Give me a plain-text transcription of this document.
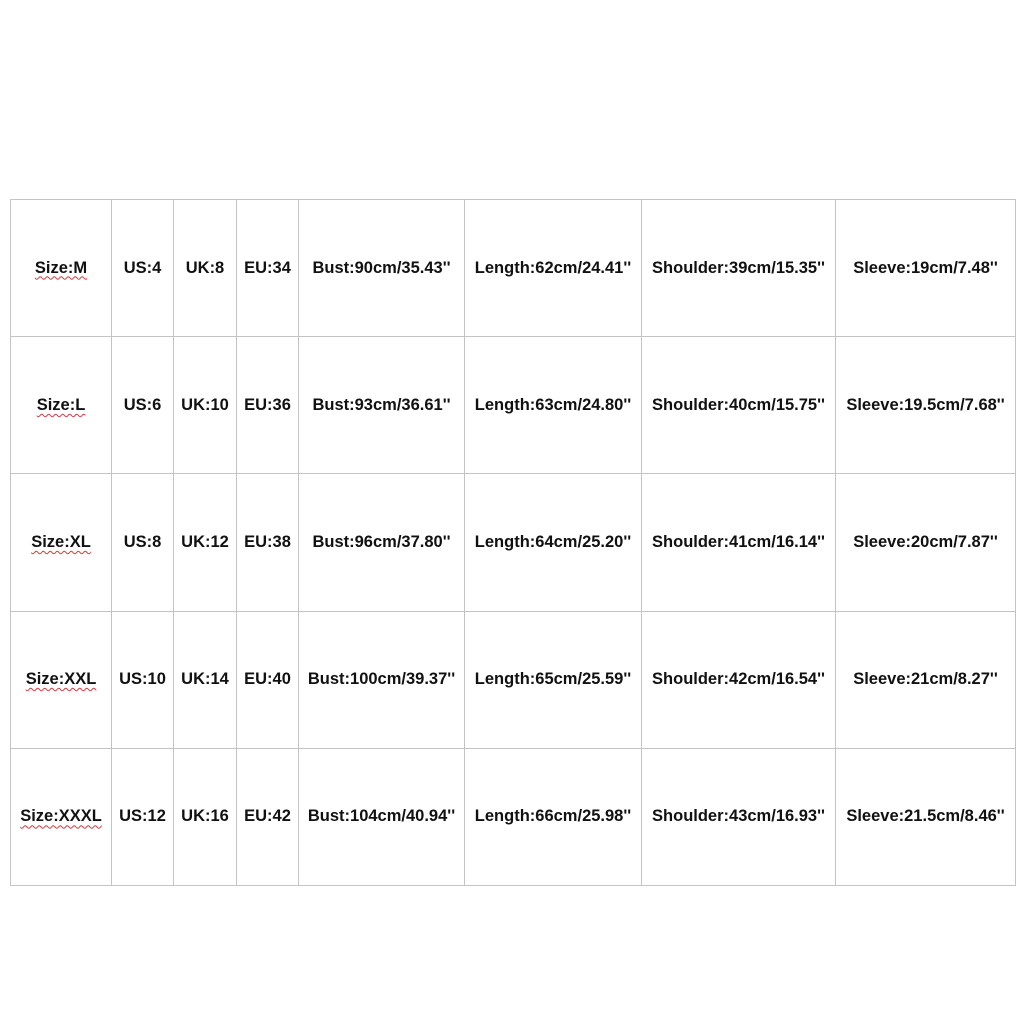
Size:M	US:4	UK:8	EU:34	Bust:90cm/35.43''	Length:62cm/24.41''	Shoulder:39cm/15.35''	Sleeve:19cm/7.48''
Size:L	US:6	UK:10	EU:36	Bust:93cm/36.61''	Length:63cm/24.80''	Shoulder:40cm/15.75''	Sleeve:19.5cm/7.68''
Size:XL	US:8	UK:12	EU:38	Bust:96cm/37.80''	Length:64cm/25.20''	Shoulder:41cm/16.14''	Sleeve:20cm/7.87''
Size:XXL	US:10	UK:14	EU:40	Bust:100cm/39.37''	Length:65cm/25.59''	Shoulder:42cm/16.54''	Sleeve:21cm/8.27''
Size:XXXL	US:12	UK:16	EU:42	Bust:104cm/40.94''	Length:66cm/25.98''	Shoulder:43cm/16.93''	Sleeve:21.5cm/8.46''
